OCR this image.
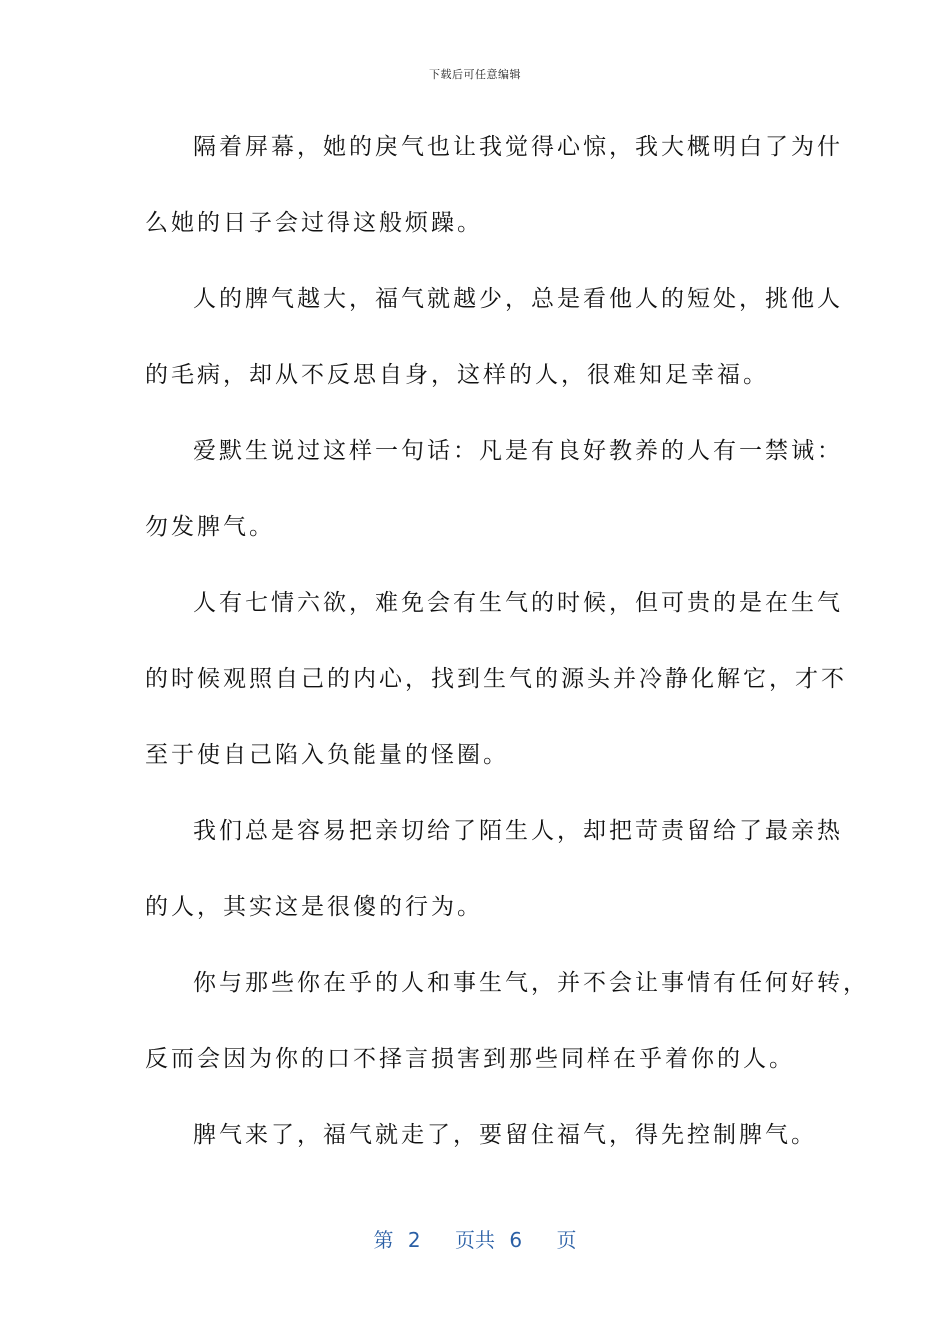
下载后可任意编辑
隔着屏幕，她的戾气也让我觉得心惊，我大概明白了为什
么她的日子会过得这般烦躁。
人的脾气越大，福气就越少，总是看他人的短处，挑他人
的毛病，却从不反思自身，这样的人，很难知足幸福。
爱默生说过这样一句话：凡是有良好教养的人有一禁诫：
勿发脾气。
人有七情六欲，难免会有生气的时候，但可贵的是在生气
的时候观照自己的内心，找到生气的源头并冷静化解它，才不
至于使自己陷入负能量的怪圈。
我们总是容易把亲切给了陌生人，却把苛责留给了最亲热
的人，其实这是很傻的行为。
你与那些你在乎的人和事生气，并不会让事情有任何好转，
反而会因为你的口不择言损害到那些同样在乎着你的人。
脾气来了，福气就走了，要留住福气，得先控制脾气。
第 2 页共 6 页
